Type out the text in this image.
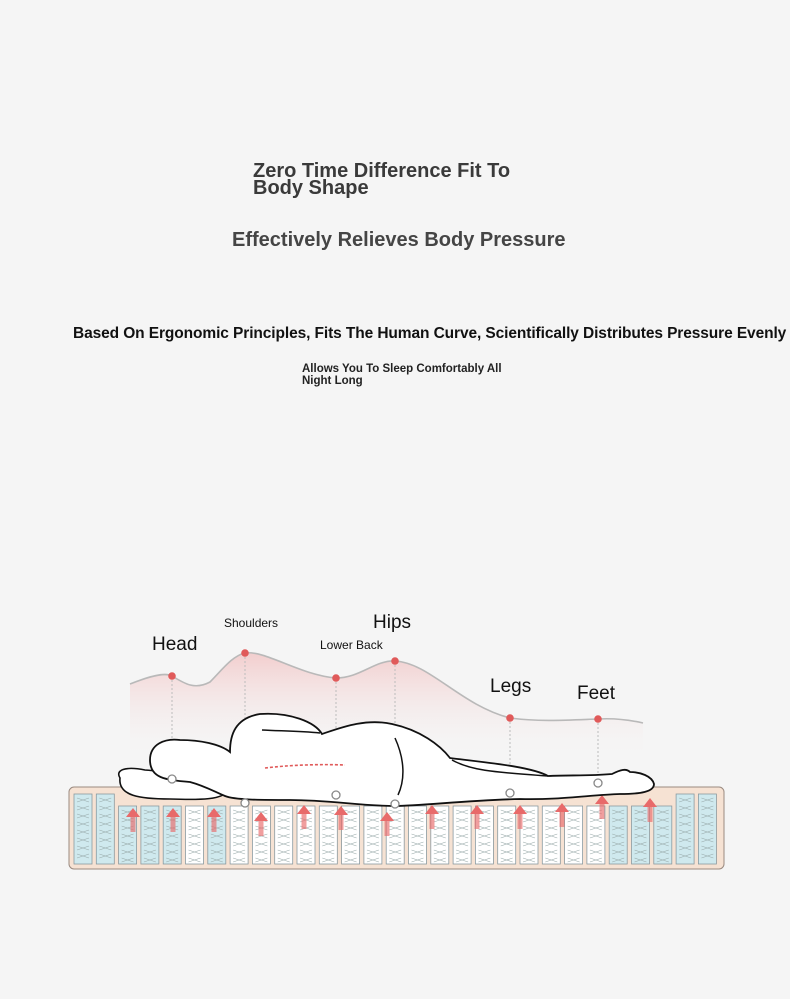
Zero Time Difference Fit To Body Shape
Effectively Relieves Body Pressure
Based On Ergonomic Principles, Fits The Human Curve, Scientifically Distributes Pressure Evenly
Allows You To Sleep Comfortably All Night Long
Head
Shoulders
Lower Back
Hips
Legs Feet
